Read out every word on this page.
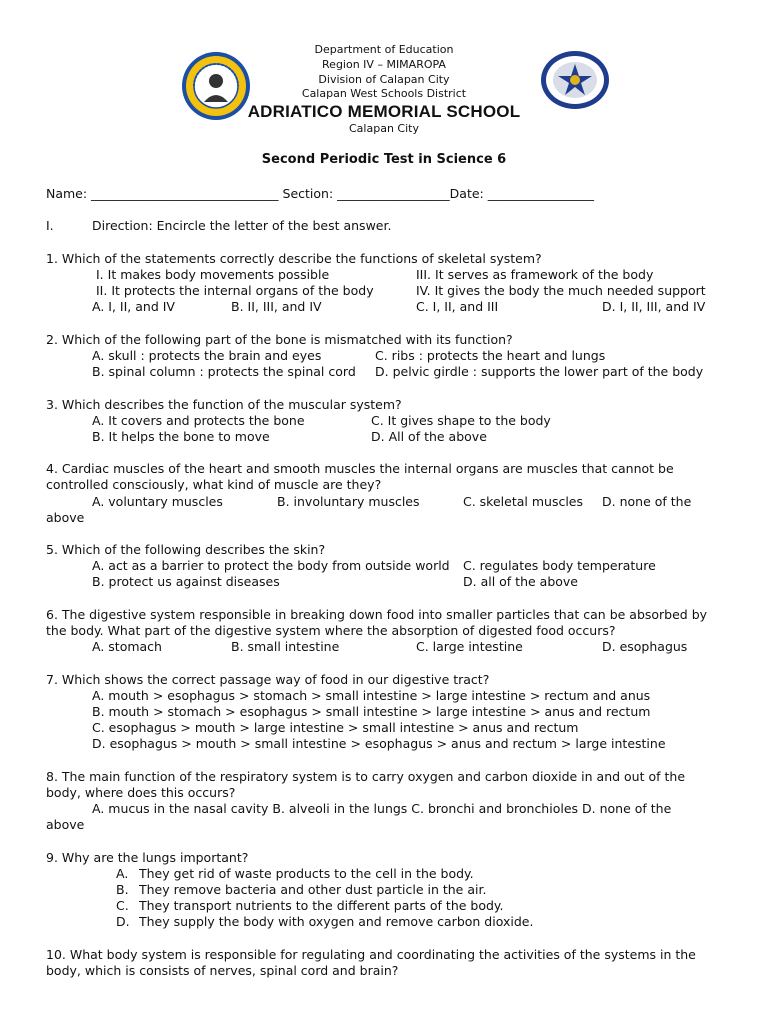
Department of Education
Region IV – MIMAROPA
Division of Calapan City
Calapan West Schools District
ADRIATICO MEMORIAL SCHOOL
Calapan City
Second Periodic Test in Science 6
Name: ______________________________ Section: __________________Date: _________________
I.	Direction: Encircle the letter of the best answer.
1. Which of the statements correctly describe the functions of skeletal system?
I. It makes body movements possible	III. It serves as framework of the body
II. It protects the internal organs of the body	IV. It gives the body the much needed support
A. I, II, and IV	B. II, III, and IV	C. I, II, and III	D. I, II, III, and IV
2. Which of the following part of the bone is mismatched with its function?
A. skull : protects the brain and eyes	C. ribs : protects the heart and lungs
B. spinal column : protects the spinal cord D. pelvic girdle : supports the lower part of the body
3. Which describes the function of the muscular system?
A. It covers and protects the bone	C. It gives shape to the body
B. It helps the bone to move	D. All of the above
4. Cardiac muscles of the heart and smooth muscles the internal organs are muscles that cannot be
controlled consciously, what kind of muscle are they?
A. voluntary muscles	B. involuntary muscles	C. skeletal muscles D. none of the
above
5. Which of the following describes the skin?
A. act as a barrier to protect the body from outside world C. regulates body temperature
B. protect us against diseases	D. all of the above
6. The digestive system responsible in breaking down food into smaller particles that can be absorbed by
the body. What part of the digestive system where the absorption of digested food occurs?
A. stomach	B. small intestine	C. large intestine	D. esophagus
7. Which shows the correct passage way of food in our digestive tract?
A. mouth > esophagus > stomach > small intestine > large intestine > rectum and anus
B. mouth > stomach > esophagus > small intestine > large intestine > anus and rectum
C. esophagus > mouth > large intestine > small intestine > anus and rectum
D. esophagus > mouth > small intestine > esophagus > anus and rectum > large intestine
8. The main function of the respiratory system is to carry oxygen and carbon dioxide in and out of the
body, where does this occurs?
A. mucus in the nasal cavity B. alveoli in the lungs C. bronchi and bronchioles D. none of the
above
9. Why are the lungs important?
A. They get rid of waste products to the cell in the body.
B. They remove bacteria and other dust particle in the air.
C. They transport nutrients to the different parts of the body.
D. They supply the body with oxygen and remove carbon dioxide.
10. What body system is responsible for regulating and coordinating the activities of the systems in the
body, which is consists of nerves, spinal cord and brain?
